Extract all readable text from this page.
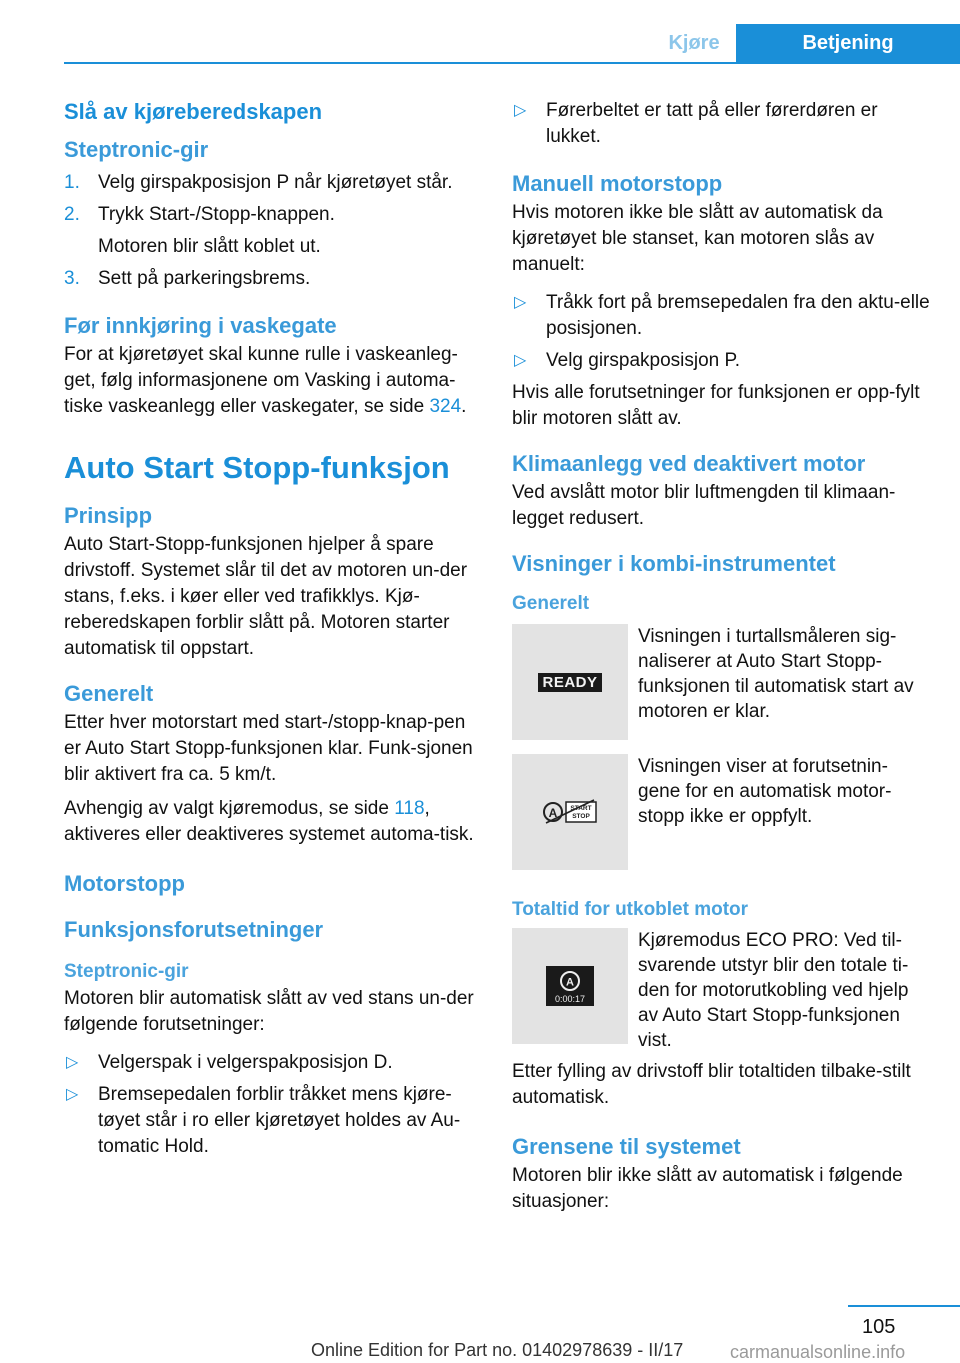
Kjøre	Betjening
Slå av kjøreberedskapen
Steptronic-gir
1. Velg girspakposisjon P når kjøretøyet står.
2. Trykk Start-/Stopp-knappen.
Motoren blir slått koblet ut.
3. Sett på parkeringsbrems.
Før innkjøring i vaskegate

For at kjøretøyet skal kunne rulle i vaskeanleg‐get, følg informasjonene om Vasking i automa‐tiske vaskeanlegg eller vaskegater, se side 324.

Auto Start Stopp-funksjon
Prinsipp

Auto Start-Stopp-funksjonen hjelper å spare drivstoff. Systemet slår til det av motoren un‐der stans, f.eks. i køer eller ved trafikklys. Kjø‐reberedskapen forblir slått på. Motoren starter automatisk til oppstart.

Generelt

Etter hver motorstart med start-/stopp-knap‐pen er Auto Start Stopp-funksjonen klar. Funk‐sjonen blir aktivert fra ca. 5 km/t.

Avhengig av valgt kjøremodus, se side 118, aktiveres eller deaktiveres systemet automa‐tisk.

Motorstopp
Funksjonsforutsetninger
Steptronic-gir

Motoren blir automatisk slått av ved stans un‐der følgende forutsetninger:

▷ Velgerspak i velgerspakposisjon D.
▷ Bremsepedalen forblir tråkket mens kjøre‐tøyet står i ro eller kjøretøyet holdes av Au‐tomatic Hold.
▷ Førerbeltet er tatt på eller førerdøren er lukket.
Manuell motorstopp

Hvis motoren ikke ble slått av automatisk da kjøretøyet ble stanset, kan motoren slås av manuelt:

▷ Tråkk fort på bremsepedalen fra den aktu‐elle posisjonen.
▷ Velg girspakposisjon P.

Hvis alle forutsetninger for funksjonen er opp‐fylt blir motoren slått av.

Klimaanlegg ved deaktivert motor

Ved avslått motor blir luftmengden til klimaan‐legget redusert.

Visninger i kombi-instrumentet
Generelt
READY
Visningen i turtallsmåleren sig‐naliserer at Auto Start Stopp-funksjonen til automatisk start av motoren er klar.
A START
STOP
Visningen viser at forutsetnin‐gene for en automatisk motor‐stopp ikke er oppfylt.
Totaltid for utkoblet motor
A
0:00:17
Kjøremodus ECO PRO: Ved til‐svarende utstyr blir den totale ti‐den for motorutkobling ved hjelp av Auto Start Stopp-funksjonen vist.

Etter fylling av drivstoff blir totaltiden tilbake‐stilt automatisk.

Grensene til systemet

Motoren blir ikke slått av automatisk i følgende situasjoner:

105
Online Edition for Part no. 01402978639 - II/17	carmanualsonline.info
